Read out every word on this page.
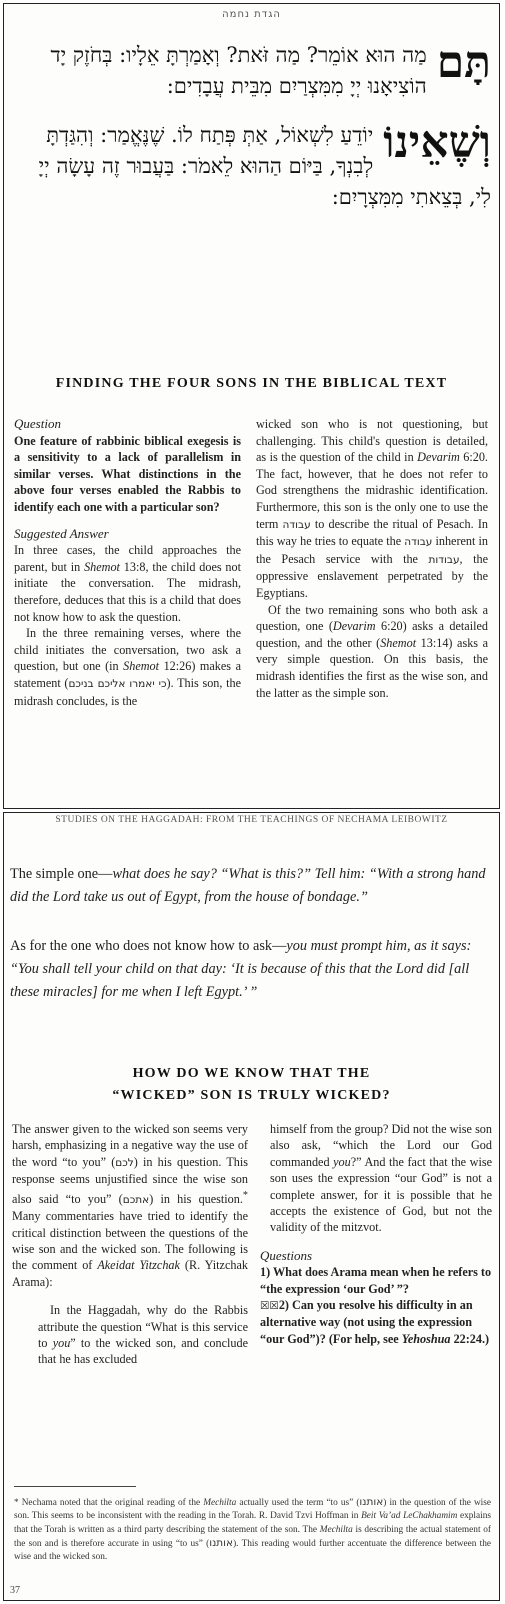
הגדת נחמה
תָּם
מַה הוּא אוֹמֵר? מַה זֹּאת? וְאָמַרְתָּ אֵלָיו: בְּחֹזֶק יָד
הוֹצִיאָנוּ יְיָ מִמִּצְרַיִם מִבֵּית עֲבָדִים:
וְשֶׁאֵינוֹ
יוֹדֵעַ לִשְׁאוֹל, אַתְּ פְּתַח לוֹ. שֶׁנֶּאֱמַר: וְהִגַּדְתָּ
לְבִנְךָ, בַּיּוֹם הַהוּא לֵאמֹר: בַּעֲבוּר זֶה עָשָׂה יְיָ
לִי, בְּצֵאתִי מִמִּצְרָיִם:
FINDING THE FOUR SONS IN THE BIBLICAL TEXT

Question

One feature of rabbinic biblical exegesis is a sensitivity to a lack of parallelism in similar verses. What distinctions in the above four verses enabled the Rabbis to identify each one with a particular son?

Suggested Answer

In three cases, the child approaches the parent, but in Shemot 13:8, the child does not initiate the conversation. The midrash, therefore, deduces that this is a child that does not know how to ask the question.

In the three remaining verses, where the child initiates the conversation, two ask a question, but one (in Shemot 12:26) makes a statement (כי יאמרו אליכם בניכם). This son, the midrash concludes, is the

wicked son who is not questioning, but challenging. This child's question is detailed, as is the question of the child in Devarim 6:20. The fact, however, that he does not refer to God strengthens the midrashic identification. Furthermore, this son is the only one to use the term עבודה to describe the ritual of Pesach. In this way he tries to equate the עבודה inherent in the Pesach service with the עבודות, the oppressive enslavement perpetrated by the Egyptians.

Of the two remaining sons who both ask a question, one (Devarim 6:20) asks a detailed question, and the other (Shemot 13:14) asks a very simple question. On this basis, the midrash identifies the first as the wise son, and the latter as the simple son.

STUDIES ON THE HAGGADAH: FROM THE TEACHINGS OF NECHAMA LEIBOWITZ
The simple one—what does he say? “What is this?” Tell him: “With a strong hand did the Lord take us out of Egypt, from the house of bondage.”
As for the one who does not know how to ask—you must prompt him, as it says: “You shall tell your child on that day: ‘It is because of this that the Lord did [all these miracles] for me when I left Egypt.’ ”
HOW DO WE KNOW THAT THE
“WICKED” SON IS TRULY WICKED?

The answer given to the wicked son seems very harsh, emphasizing in a negative way the use of the word “to you” (לכם) in his question. This response seems unjustified since the wise son also said “to you” (אתכם) in his question.* Many commentaries have tried to identify the critical distinction between the questions of the wise son and the wicked son. The following is the comment of Akeidat Yitzchak (R. Yitzchak Arama):

In the Haggadah, why do the Rabbis attribute the question “What is this service to you” to the wicked son, and conclude that he has excluded

himself from the group? Did not the wise son also ask, “which the Lord our God commanded you?” And the fact that the wise son uses the expression “our God” is not a complete answer, for it is possible that he accepts the existence of God, but not the validity of the mitzvot.

Questions

1) What does Arama mean when he refers to “the expression ‘our God’ ”?

☒☒2) Can you resolve his difficulty in an alternative way (not using the expression “our God”)? (For help, see Yehoshua 22:24.)

* Nechama noted that the original reading of the Mechilta actually used the term “to us” (אותנו) in the question of the wise son. This seems to be inconsistent with the reading in the Torah. R. David Tzvi Hoffman in Beit Va’ad LeChakhamim explains that the Torah is written as a third party describing the statement of the son. The Mechilta is describing the actual statement of the son and is therefore accurate in using “to us” (אותנו). This reading would further accentuate the difference between the wise and the wicked son.
37
